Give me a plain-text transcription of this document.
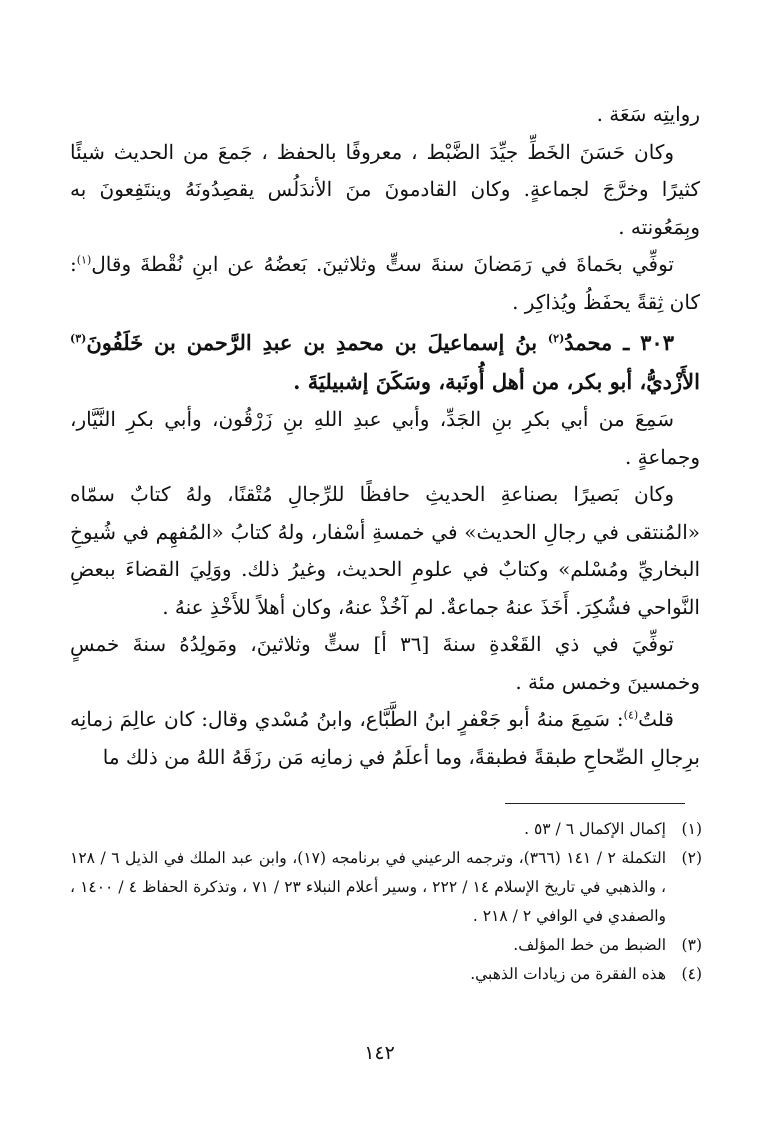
روايتِه سَعَة .

وكان حَسَنَ الخَطِّ جيِّدَ الضَّبْط ، معروفًا بالحفظ ، جَمعَ من الحديث شيئًا كثيرًا وخرَّجَ لجماعةٍ. وكان القادمونَ منَ الأندَلُس يقصِدُونَهُ وينتَفِعونَ به وبِمَعُونته .

توفِّي بحَماةَ في رَمَضانَ سنةَ ستٍّ وثلاثينَ. بَعضُهُ عن ابنِ نُقْطةَ وقال$^{(١)}$: كان ثِقةً يحفَظُ ويُذاكِر .

٣٠٣ ـ محمدُ$^{(٢)}$ بنُ إسماعيلَ بن محمدِ بن عبدِ الرَّحمن بن خَلَفُونَ$^{(٣)}$ الأَزْديُّ، أبو بكر، من أهل أُونَبة، وسَكَنَ إشبيليَةَ .

سَمِعَ من أبي بكرِ بنِ الجَدِّ، وأبي عبدِ اللهِ بنِ زَرْقُون، وأبي بكرِ النَّيَّار، وجماعةٍ .

وكان بَصيرًا بصناعةِ الحديثِ حافظًا للرِّجالِ مُتْقنًا، ولهُ كتابٌ سمّاه «المُنتقى في رجالِ الحديث» في خمسةِ أسْفار، ولهُ كتابُ «المُفهِم في شُيوخِ البخاريِّ ومُسْلم» وكتابٌ في علومِ الحديث، وغيرُ ذلك. ووَلِيَ القضاءَ ببعضِ النَّواحي فشُكِرَ. أَخَذَ عنهُ جماعةٌ. لم آخُذْ عنهُ، وكان أهلاً للأَخْذِ عنهُ .

توفِّيَ في ذي القَعْدةِ سنةَ [٣٦ أ] ستٍّ وثلاثينَ، ومَولِدُهُ سنةَ خمسٍ وخمسينَ وخمس مئة .

قلتُ$^{(٤)}$: سَمِعَ منهُ أبو جَعْفرٍ ابنُ الطَّبَّاع، وابنُ مُسْدي وقال: كان عالِمَ زمانِه برِجالِ الصِّحاحِ طبقةً فطبقةً، وما أعلَمُ في زمانِه مَن رزَقَهُ اللهُ من ذلك ما

(١)
إكمال الإكمال ٦ / ٥٣ .
(٢)
التكملة ٢ / ١٤١ (٣٦٦)، وترجمه الرعيني في برنامجه (١٧)، وابن عبد الملك في الذيل ٦ / ١٢٨ ، والذهبي في تاريخ الإسلام ١٤ / ٢٢٢ ، وسير أعلام النبلاء ٢٣ / ٧١ ، وتذكرة الحفاظ ٤ / ١٤٠٠ ، والصفدي في الوافي ٢ / ٢١٨ .
(٣)
الضبط من خط المؤلف.
(٤)
هذه الفقرة من زيادات الذهبي.
١٤٢
